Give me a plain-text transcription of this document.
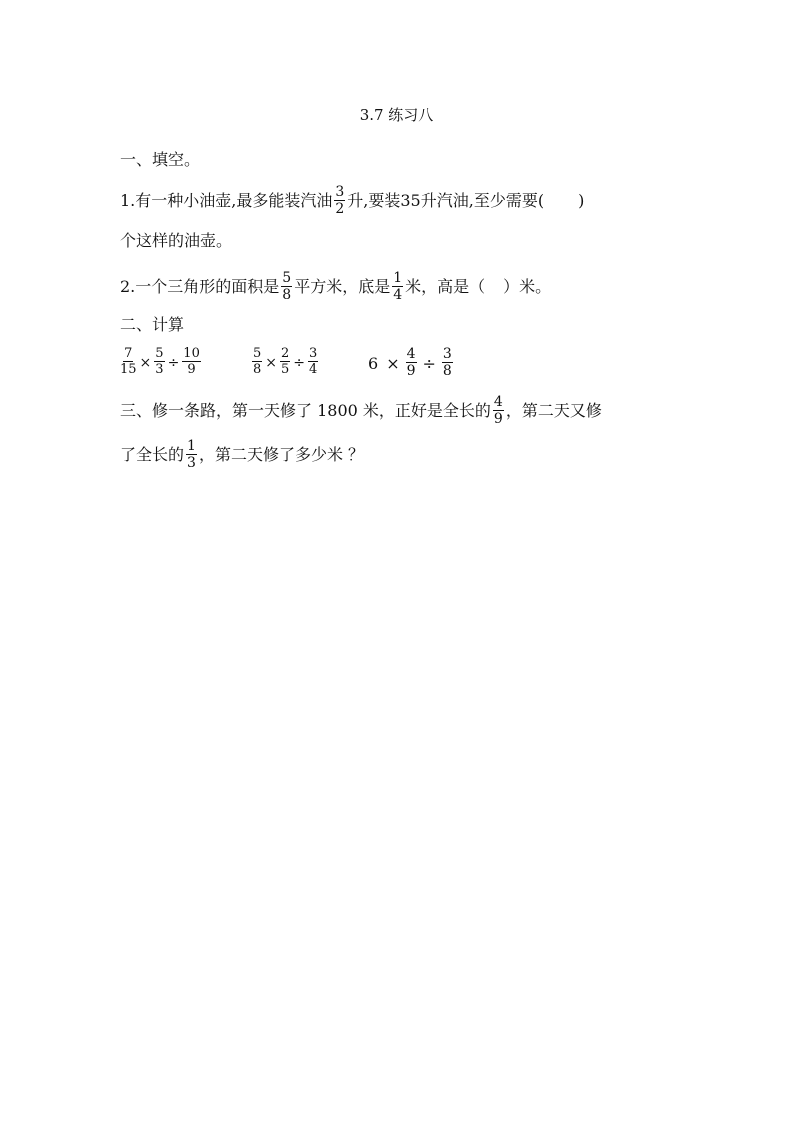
3.7 练习八
一、填空。
1.有一种小油壶,最多能装汽油 $\frac{3}{2}$ 升,要装35升汽油,至少需要( )
个这样的油壶。
2.一个三角形的面积是 $\frac{5}{8}$ 平方米，底是 $\frac{1}{4}$ 米，高是（ ）米。
二、计算
$\frac{7}{15} \times \frac{5}{3} \div \frac{10}{9}$	$\frac{5}{8} \times \frac{2}{5} \div \frac{3}{4}$	$6 \times \frac{4}{9} \div \frac{3}{8}$
三、修一条路，第一天修了 1800 米，正好是全长的 $\frac{4}{9}$ ，第二天又修
了全长的 $\frac{1}{3}$ ，第二天修了多少米 ？
